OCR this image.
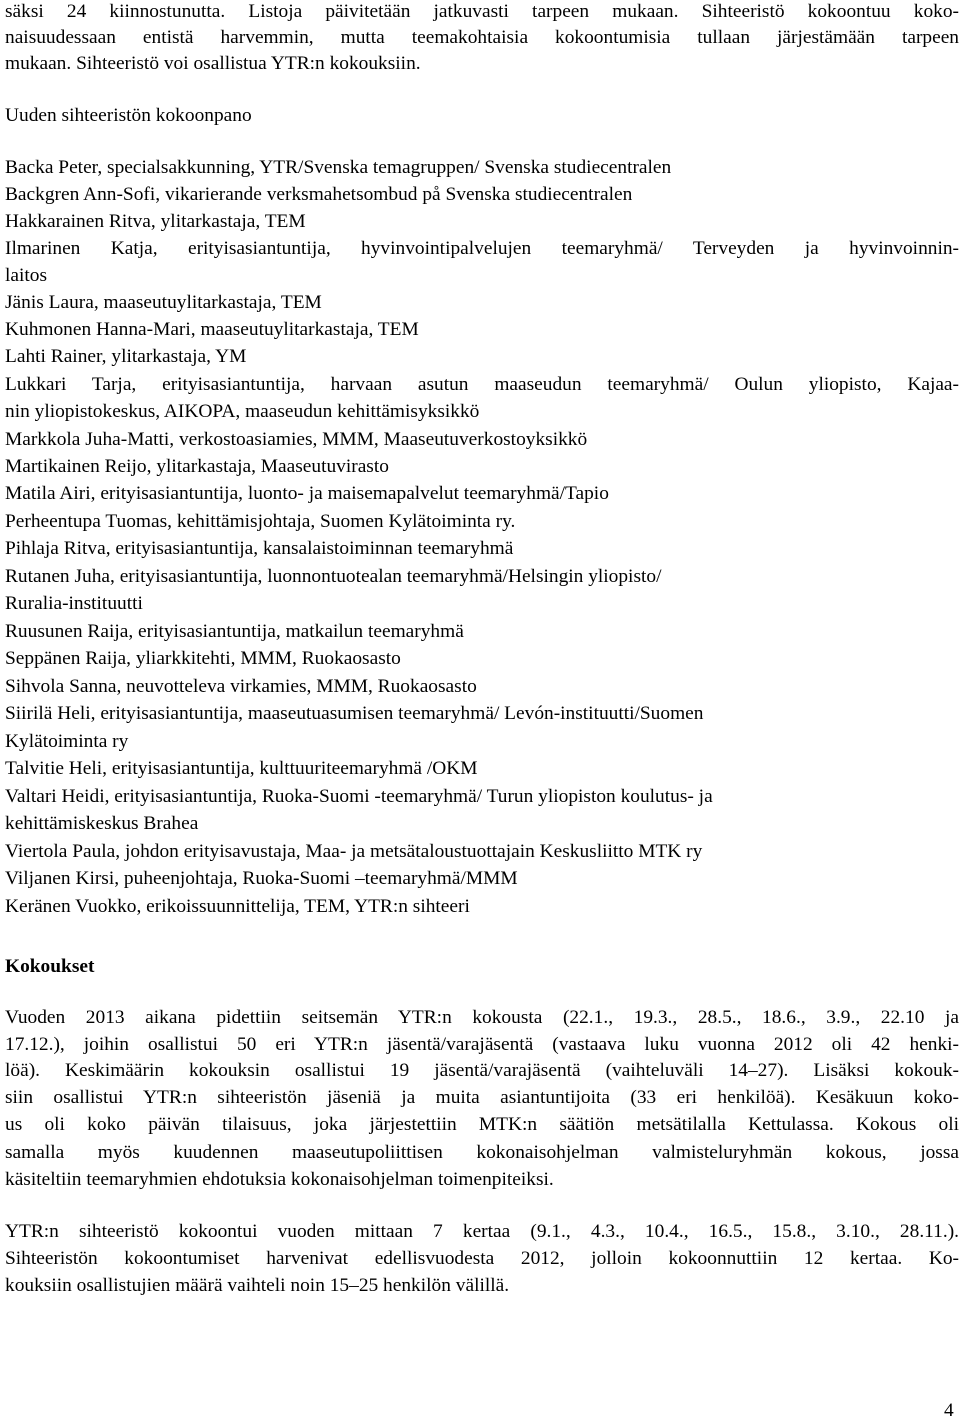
säksi 24 kiinnostunutta. Listoja päivitetään jatkuvasti tarpeen mukaan. Sihteeristö kokoontuu koko-
naisuudessaan entistä harvemmin, mutta teemakohtaisia kokoontumisia tullaan järjestämään tarpeen
mukaan. Sihteeristö voi osallistua YTR:n kokouksiin.
Uuden sihteeristön kokoonpano
Backa Peter, specialsakkunning, YTR/Svenska temagruppen/ Svenska studiecentralen
Backgren Ann-Sofi, vikarierande verksmahetsombud på Svenska studiecentralen
Hakkarainen Ritva, ylitarkastaja, TEM
Ilmarinen Katja, erityisasiantuntija, hyvinvointipalvelujen teemaryhmä/ Terveyden ja hyvinvoinnin-
laitos
Jänis Laura, maaseutuylitarkastaja, TEM
Kuhmonen Hanna-Mari, maaseutuylitarkastaja, TEM
Lahti Rainer, ylitarkastaja, YM
Lukkari Tarja, erityisasiantuntija, harvaan asutun maaseudun teemaryhmä/ Oulun yliopisto, Kajaa-
nin yliopistokeskus, AIKOPA, maaseudun kehittämisyksikkö
Markkola Juha-Matti, verkostoasiamies, MMM, Maaseutuverkostoyksikkö
Martikainen Reijo, ylitarkastaja, Maaseutuvirasto
Matila Airi, erityisasiantuntija, luonto- ja maisemapalvelut teemaryhmä/Tapio
Perheentupa Tuomas, kehittämisjohtaja, Suomen Kylätoiminta ry.
Pihlaja Ritva, erityisasiantuntija, kansalaistoiminnan teemaryhmä
Rutanen Juha, erityisasiantuntija, luonnontuotealan teemaryhmä/Helsingin yliopisto/
Ruralia-instituutti
Ruusunen Raija, erityisasiantuntija, matkailun teemaryhmä
Seppänen Raija, yliarkkitehti, MMM, Ruokaosasto
Sihvola Sanna, neuvotteleva virkamies, MMM, Ruokaosasto
Siirilä Heli, erityisasiantuntija, maaseutuasumisen teemaryhmä/ Levón-instituutti/Suomen
Kylätoiminta ry
Talvitie Heli, erityisasiantuntija, kulttuuriteemaryhmä /OKM
Valtari Heidi, erityisasiantuntija, Ruoka-Suomi -teemaryhmä/ Turun yliopiston koulutus- ja
kehittämiskeskus Brahea
Viertola Paula, johdon erityisavustaja, Maa- ja metsätaloustuottajain Keskusliitto MTK ry
Viljanen Kirsi, puheenjohtaja, Ruoka-Suomi –teemaryhmä/MMM
Keränen Vuokko, erikoissuunnittelija, TEM, YTR:n sihteeri
Kokoukset
Vuoden 2013 aikana pidettiin seitsemän YTR:n kokousta (22.1., 19.3., 28.5., 18.6., 3.9., 22.10 ja
17.12.), joihin osallistui 50 eri YTR:n jäsentä/varajäsentä (vastaava luku vuonna 2012 oli 42 henki-
löä). Keskimäärin kokouksin osallistui 19 jäsentä/varajäsentä (vaihteluväli 14–27). Lisäksi kokouk-
siin osallistui YTR:n sihteeristön jäseniä ja muita asiantuntijoita (33 eri henkilöä). Kesäkuun koko-
us oli koko päivän tilaisuus, joka järjestettiin MTK:n säätiön metsätilalla Kettulassa. Kokous oli
samalla myös kuudennen maaseutupoliittisen kokonaisohjelman valmisteluryhmän kokous, jossa
käsiteltiin teemaryhmien ehdotuksia kokonaisohjelman toimenpiteiksi.
YTR:n sihteeristö kokoontui vuoden mittaan 7 kertaa (9.1., 4.3., 10.4., 16.5., 15.8., 3.10., 28.11.).
Sihteeristön kokoontumiset harvenivat edellisvuodesta 2012, jolloin kokoonnuttiin 12 kertaa. Ko-
kouksiin osallistujien määrä vaihteli noin 15–25 henkilön välillä.
4
